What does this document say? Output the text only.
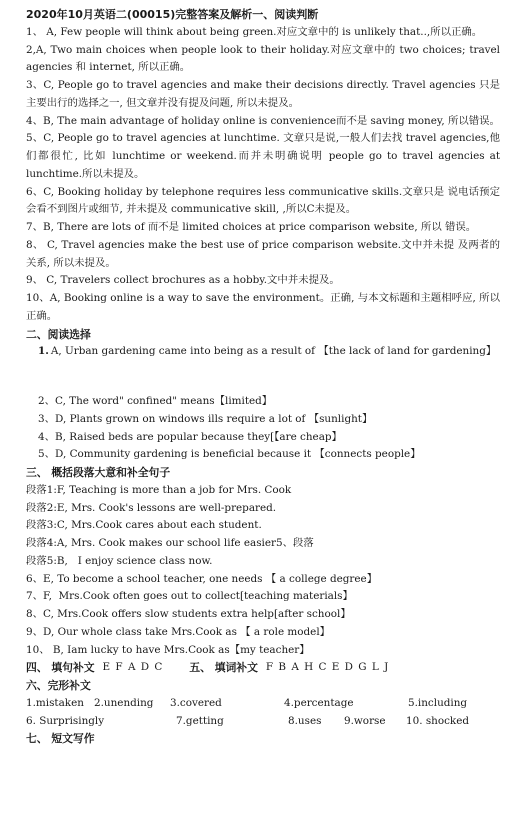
2020年10月英语二(00015)完整答案及解析一、阅读判断
1、 A, Few people will think about being green.对应文章中的 is unlikely that..,所以正确。
2,A, Two main choices when people look to their holiday.对应文章中的 two choices; travel agencies 和 internet, 所以正确。
3、C, People go to travel agencies and make their decisions directly. Travel agencies 只是主要出行的选择之一, 但文章并没有提及问题, 所以未提及。
4、B, The main advantage of holiday online is convenience而不是 saving money, 所以错误。
5、C, People go to travel agencies at lunchtime. 文章只是说,一般人们去找 travel agencies,他们都很忙, 比如 lunchtime or weekend.而并未明确说明 people go to travel agencies at lunchtime.所以未提及。
6、C, Booking holiday by telephone requires less communicative skills.文章只是 说电话预定会看不到图片或细节, 并未提及 communicative skill, ,所以C未提及。
7、B, There are lots of 而不是 limited choices at price comparison website, 所以 错误。
8、 C, Travel agencies make the best use of price comparison website.文中并未提 及两者的关系, 所以未提及。
9、 C, Travelers collect brochures as a hobby.文中并未提及。
10、A, Booking online is a way to save the environment。正确, 与本文标题和主题相呼应, 所以正确。
二、阅读选择
1. A, Urban gardening came into being as a result of 【the lack of land for gardening】
2、C, The word" confined" means【limited】
3、D, Plants grown on windows ills require a lot of 【sunlight】
4、B, Raised beds are popular because they[【are cheap】
5、D, Community gardening is beneficial because it 【connects people】
三、 概括段落大意和补全句子
段落1:F, Teaching is more than a job for Mrs. Cook
段落2:E, Mrs. Cook's lessons are well-prepared.
段落3:C, Mrs.Cook cares about each student.
段落4:A, Mrs. Cook makes our school life easier5、段落
段落5:B,   I enjoy science class now.
6、E, To become a school teacher, one needs 【 a college degree】
7、F,  Mrs.Cook often goes out to collect[teaching materials】
8、C, Mrs.Cook offers slow students extra help[after school】
9、D, Our whole class take Mrs.Cook as 【 a role model】
10、 B, Iam lucky to have Mrs.Cook as【my teacher】
四、 填句补文 E F A D C 五、 填词补文 F B A H C E D G L J
六、完形补文
1.mistaken 2.unending	3.covered	4.percentage	5.including
6. Surprisingly	7.getting	8.uses	9.worse	10. shocked
七、 短文写作
